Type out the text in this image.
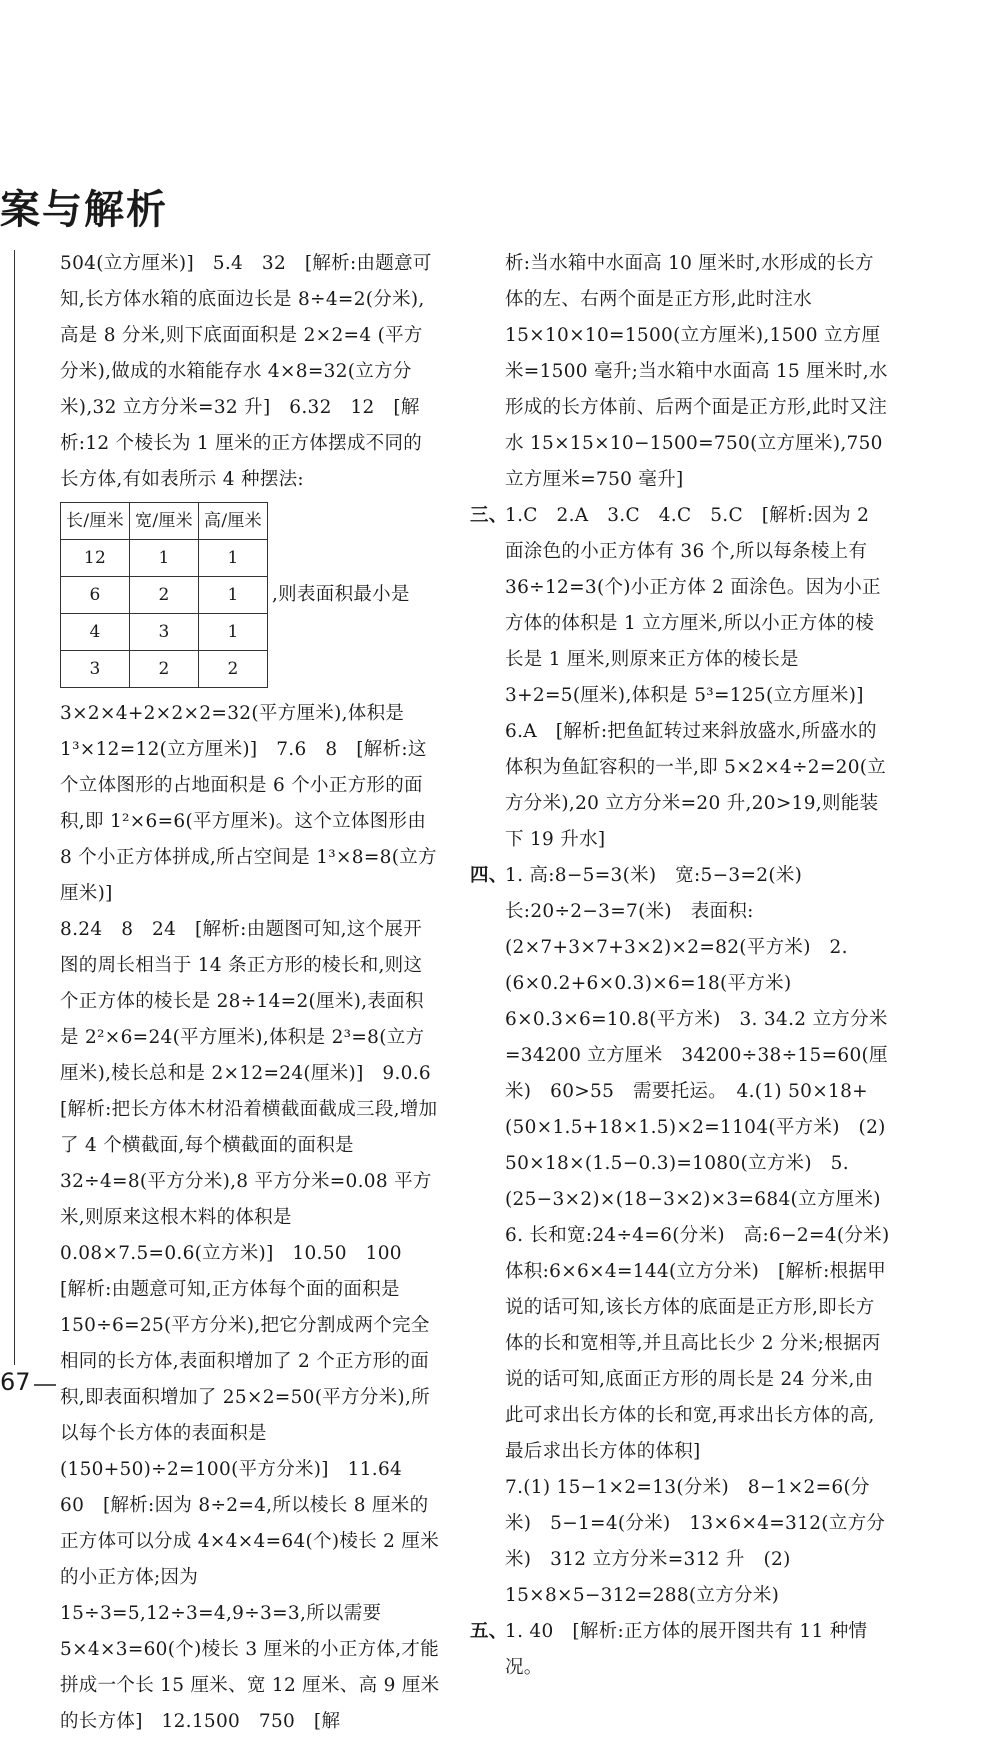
案与解析

504(立方厘米)]　5.4　32　[解析:由题意可知,长方体水箱的底面边长是 8÷4=2(分米),高是 8 分米,则下底面面积是 2×2=4 (平方分米),做成的水箱能存水 4×8=32(立方分米),32 立方分米=32 升]　6.32　12　[解析:12 个棱长为 1 厘米的正方体摆成不同的长方体,有如表所示 4 种摆法:

长/厘米	宽/厘米	高/厘米
12	1	1
6	2	1
4	3	1
3	2	2
,则表面积最小是

3×2×4+2×2×2=32(平方厘米),体积是 1³×12=12(立方厘米)]　7.6　8　[解析:这个立体图形的占地面积是 6 个小正方形的面积,即 1²×6=6(平方厘米)。这个立体图形由 8 个小正方体拼成,所占空间是 1³×8=8(立方厘米)]

8.24　8　24　[解析:由题图可知,这个展开图的周长相当于 14 条正方形的棱长和,则这个正方体的棱长是 28÷14=2(厘米),表面积是 2²×6=24(平方厘米),体积是 2³=8(立方厘米),棱长总和是 2×12=24(厘米)]　9.0.6　[解析:把长方体木材沿着横截面截成三段,增加了 4 个横截面,每个横截面的面积是 32÷4=8(平方分米),8 平方分米=0.08 平方米,则原来这根木料的体积是 0.08×7.5=0.6(立方米)]　10.50　100　[解析:由题意可知,正方体每个面的面积是 150÷6=25(平方分米),把它分割成两个完全相同的长方体,表面积增加了 2 个正方形的面积,即表面积增加了 25×2=50(平方分米),所以每个长方体的表面积是(150+50)÷2=100(平方分米)]　11.64　60　[解析:因为 8÷2=4,所以棱长 8 厘米的正方体可以分成 4×4×4=64(个)棱长 2 厘米的小正方体;因为 15÷3=5,12÷3=4,9÷3=3,所以需要 5×4×3=60(个)棱长 3 厘米的小正方体,才能拼成一个长 15 厘米、宽 12 厘米、高 9 厘米的长方体]　12.1500　750　[解

析:当水箱中水面高 10 厘米时,水形成的长方体的左、右两个面是正方形,此时注水 15×10×10=1500(立方厘米),1500 立方厘米=1500 毫升;当水箱中水面高 15 厘米时,水形成的长方体前、后两个面是正方形,此时又注水 15×15×10−1500=750(立方厘米),750 立方厘米=750 毫升]

三、1.C　2.A　3.C　4.C　5.C　[解析:因为 2 面涂色的小正方体有 36 个,所以每条棱上有 36÷12=3(个)小正方体 2 面涂色。因为小正方体的体积是 1 立方厘米,所以小正方体的棱长是 1 厘米,则原来正方体的棱长是 3+2=5(厘米),体积是 5³=125(立方厘米)]　6.A　[解析:把鱼缸转过来斜放盛水,所盛水的体积为鱼缸容积的一半,即 5×2×4÷2=20(立方分米),20 立方分米=20 升,20>19,则能装下 19 升水]

四、1. 高:8−5=3(米)　宽:5−3=2(米)　长:20÷2−3=7(米)　表面积:(2×7+3×7+3×2)×2=82(平方米)　2.(6×0.2+6×0.3)×6=18(平方米)　6×0.3×6=10.8(平方米)　3. 34.2 立方分米=34200 立方厘米　34200÷38÷15=60(厘米)　60>55　需要托运。　4.(1) 50×18+(50×1.5+18×1.5)×2=1104(平方米)　(2) 50×18×(1.5−0.3)=1080(立方米)　5.(25−3×2)×(18−3×2)×3=684(立方厘米)　6. 长和宽:24÷4=6(分米)　高:6−2=4(分米)　体积:6×6×4=144(立方分米)　[解析:根据甲说的话可知,该长方体的底面是正方形,即长方体的长和宽相等,并且高比长少 2 分米;根据丙说的话可知,底面正方形的周长是 24 分米,由此可求出长方体的长和宽,再求出长方体的高,最后求出长方体的体积]

7.(1) 15−1×2=13(分米)　8−1×2=6(分米)　5−1=4(分米)　13×6×4=312(立方分米)　312 立方分米=312 升　(2) 15×8×5−312=288(立方分米)

五、1. 40　[解析:正方体的展开图共有 11 种情况。

67
